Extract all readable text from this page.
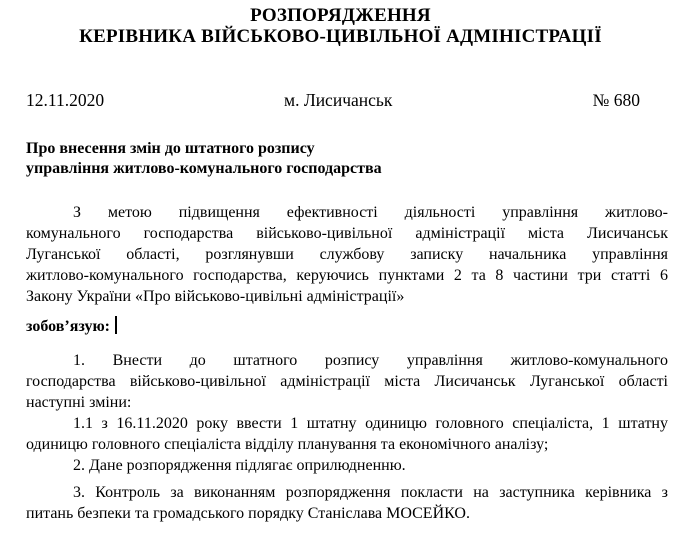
РОЗПОРЯДЖЕННЯ
КЕРІВНИКА ВІЙСЬКОВО-ЦИВІЛЬНОЇ АДМІНІСТРАЦІЇ
12.11.2020	м. Лисичанськ	№ 680
Про внесення змін до штатного розпису
управління житлово-комунального господарства
З метою підвищення ефективності діяльності управління житлово-
комунального господарства військово-цивільної адміністрації міста Лисичанськ
Луганської області, розглянувши службову записку начальника управління
житлово-комунального господарства, керуючись пунктами 2 та 8 частини три статті 6
Закону України «Про військово-цивільні адміністрації»
зобов’язую:
1. Внести до штатного розпису управління житлово-комунального
господарства військово-цивільної адміністрації міста Лисичанськ Луганської області
наступні зміни:
1.1 з 16.11.2020 року ввести 1 штатну одиницю головного спеціаліста, 1 штатну
одиницю головного спеціаліста відділу планування та економічного аналізу;
2. Дане розпорядження підлягає оприлюдненню.
3. Контроль за виконанням розпорядження покласти на заступника керівника з
питань безпеки та громадського порядку Станіслава МОСЕЙКО.
